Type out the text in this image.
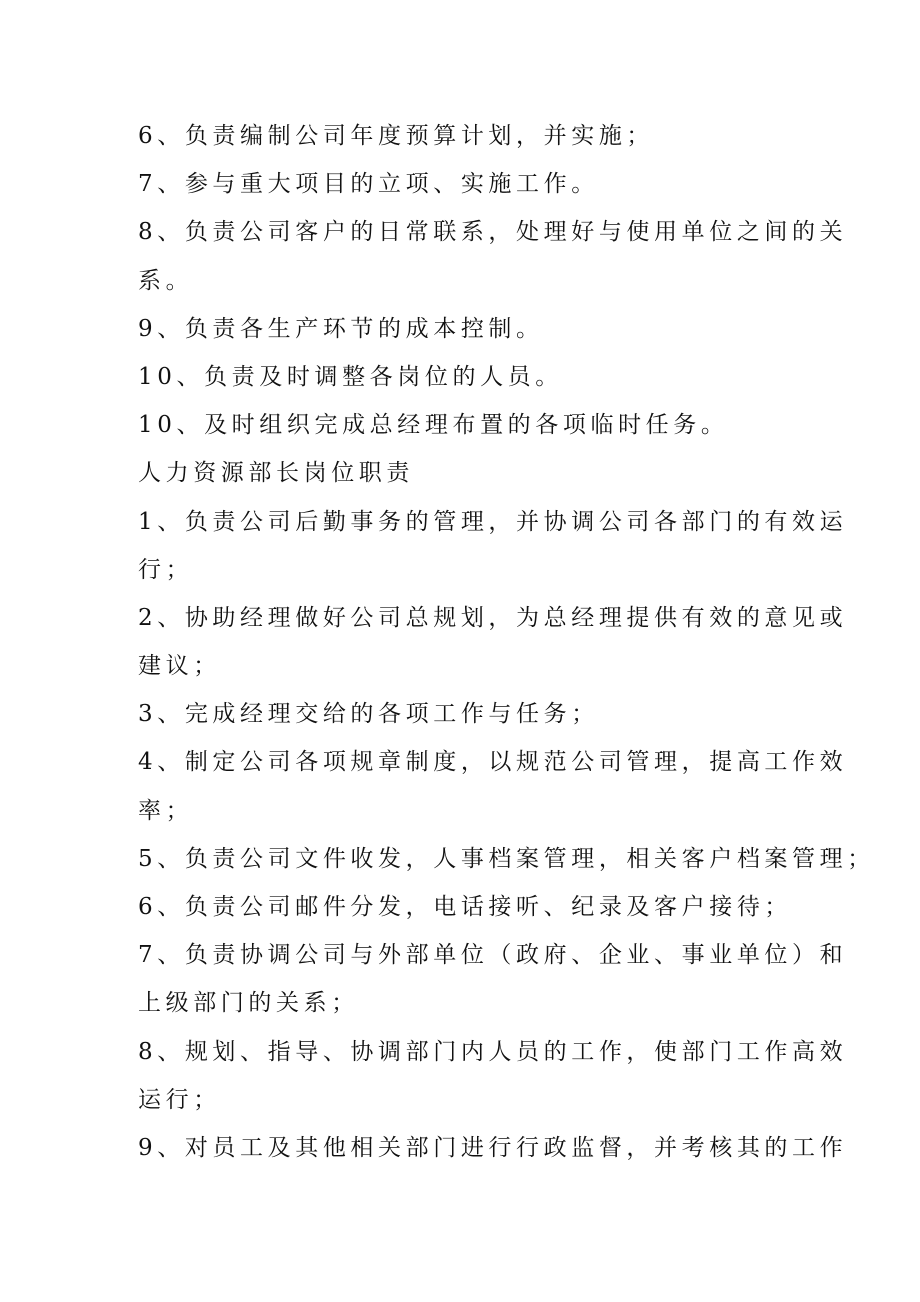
6、负责编制公司年度预算计划，并实施；
7、参与重大项目的立项、实施工作。
8、负责公司客户的日常联系，处理好与使用单位之间的关
系。
9、负责各生产环节的成本控制。
10、负责及时调整各岗位的人员。
10、及时组织完成总经理布置的各项临时任务。
人力资源部长岗位职责
1、负责公司后勤事务的管理，并协调公司各部门的有效运
行；
2、协助经理做好公司总规划，为总经理提供有效的意见或
建议；
3、完成经理交给的各项工作与任务；
4、制定公司各项规章制度，以规范公司管理，提高工作效
率；
5、负责公司文件收发，人事档案管理，相关客户档案管理；
6、负责公司邮件分发，电话接听、纪录及客户接待；
7、负责协调公司与外部单位（政府、企业、事业单位）和
上级部门的关系；
8、规划、指导、协调部门内人员的工作，使部门工作高效
运行；
9、对员工及其他相关部门进行行政监督，并考核其的工作
